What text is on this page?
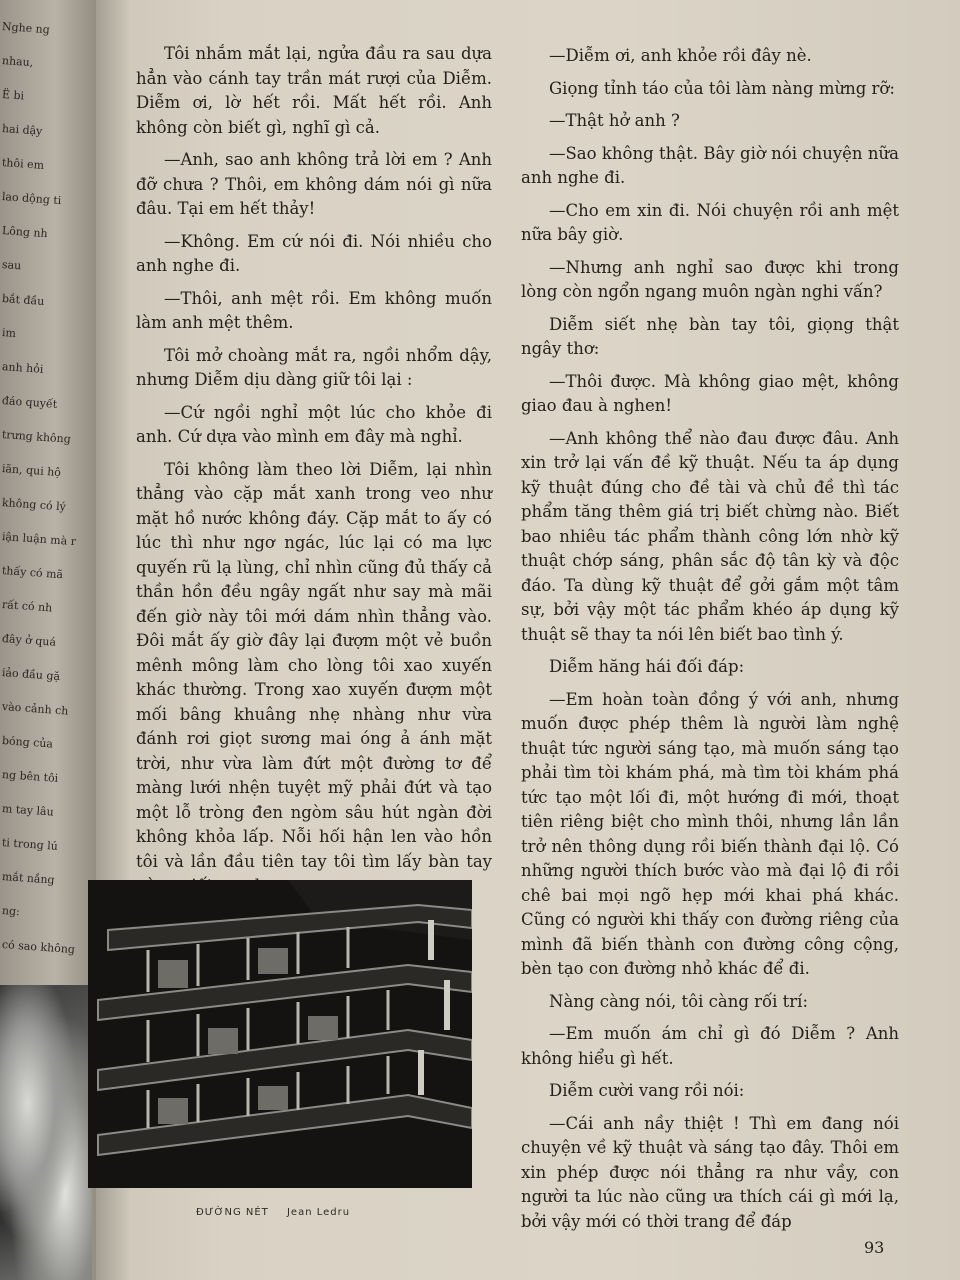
Nghe ng
nhau,
Ë bi
hai dậy
thôi em
lao dộng ti
Lông nh
sau
bắt đầu
im
anh hỏi
đáo quyết
trưng không
iãn, qui hộ
không có lý
iận luận mà r
thấy có mã
rất có nh
đây ở quá
iảo đầu gặ
vào cảnh ch
bóng của
ng bên tôi
m tay lâu
ti trong lú
mắt nắng
ng:
có sao không

Tôi nhắm mắt lại, ngửa đầu ra sau dựa hẳn vào cánh tay trần mát rượi của Diễm. Diễm ơi, lờ hết rồi. Mất hết rồi. Anh không còn biết gì, nghĩ gì cả.

—Anh, sao anh không trả lời em ? Anh đỡ chưa ? Thôi, em không dám nói gì nữa đâu. Tại em hết thảy!

—Không. Em cứ nói đi. Nói nhiều cho anh nghe đi.

—Thôi, anh mệt rồi. Em không muốn làm anh mệt thêm.

Tôi mở choàng mắt ra, ngồi nhổm dậy, nhưng Diễm dịu dàng giữ tôi lại :

—Cứ ngồi nghỉ một lúc cho khỏe đi anh. Cứ dựa vào mình em đây mà nghỉ.

Tôi không làm theo lời Diễm, lại nhìn thẳng vào cặp mắt xanh trong veo như mặt hồ nước không đáy. Cặp mắt to ấy có lúc thì như ngơ ngác, lúc lại có ma lực quyến rũ lạ lùng, chỉ nhìn cũng đủ thấy cả thần hồn đều ngây ngất như say mà mãi đến giờ này tôi mới dám nhìn thẳng vào. Đôi mắt ấy giờ đây lại đượm một vẻ buồn mênh mông làm cho lòng tôi xao xuyến khác thường. Trong xao xuyến đượm một mối bâng khuâng nhẹ nhàng như vừa đánh rơi giọt sương mai óng ả ánh mặt trời, như vừa làm đứt một đường tơ để màng lưới nhện tuyệt mỹ phải đứt và tạo một lỗ tròng đen ngòm sâu hút ngàn đời không khỏa lấp. Nỗi hối hận len vào hồn tôi và lần đầu tiên tay tôi tìm lấy bàn tay

—Diễm ơi, anh khỏe rồi đây nè.

Giọng tỉnh táo của tôi làm nàng mừng rỡ:

—Thật hở anh ?

—Sao không thật. Bây giờ nói chuyện nữa anh nghe đi.

—Cho em xin đi. Nói chuyện rồi anh mệt nữa bây giờ.

—Nhưng anh nghỉ sao được khi trong lòng còn ngổn ngang muôn ngàn nghi vấn?

Diễm siết nhẹ bàn tay tôi, giọng thật ngây thơ:

—Thôi được. Mà không giao mệt, không giao đau à nghen!

—Anh không thể nào đau được đâu. Anh xin trở lại vấn đề kỹ thuật. Nếu ta áp dụng kỹ thuật đúng cho đề tài và chủ đề thì tác phẩm tăng thêm giá trị biết chừng nào. Biết bao nhiêu tác phẩm thành công lớn nhờ kỹ thuật chớp sáng, phân sắc độ tân kỳ và độc đáo. Ta dùng kỹ thuật để gởi gắm một tâm sự, bởi vậy một tác phẩm khéo áp dụng kỹ thuật sẽ thay ta nói lên biết bao tình ý.

Diễm hăng hái đối đáp:

—Em hoàn toàn đồng ý với anh, nhưng muốn được phép thêm là người làm nghệ thuật tức người sáng tạo, mà muốn sáng tạo phải tìm tòi khám phá, mà tìm tòi khám phá tức tạo một lối đi, một hướng đi mới, thoạt tiên riêng biệt cho mình thôi, nhưng lần lần trở nên thông dụng rồi biến thành đại lộ. Có những người thích bước vào mà đại lộ đi rồi chê bai mọi ngõ hẹp mới khai phá khác. Cũng có người khi thấy con đường riêng của mình đã biến thành con đường công cộng, bèn tạo con đường nhỏ khác để đi.

Nàng càng nói, tôi càng rối trí:

—Em muốn ám chỉ gì đó Diễm ? Anh không hiểu gì hết.

Diễm cười vang rồi nói:

—Cái anh nầy thiệt ! Thì em đang nói chuyện về kỹ thuật và sáng tạo đây. Thôi em xin phép được nói thẳng ra như vầy, con người ta lúc nào cũng ưa thích cái gì mới lạ, bởi vậy mới có thời trang để đáp

ĐƯỜNG NÉT Jean Ledru
93
